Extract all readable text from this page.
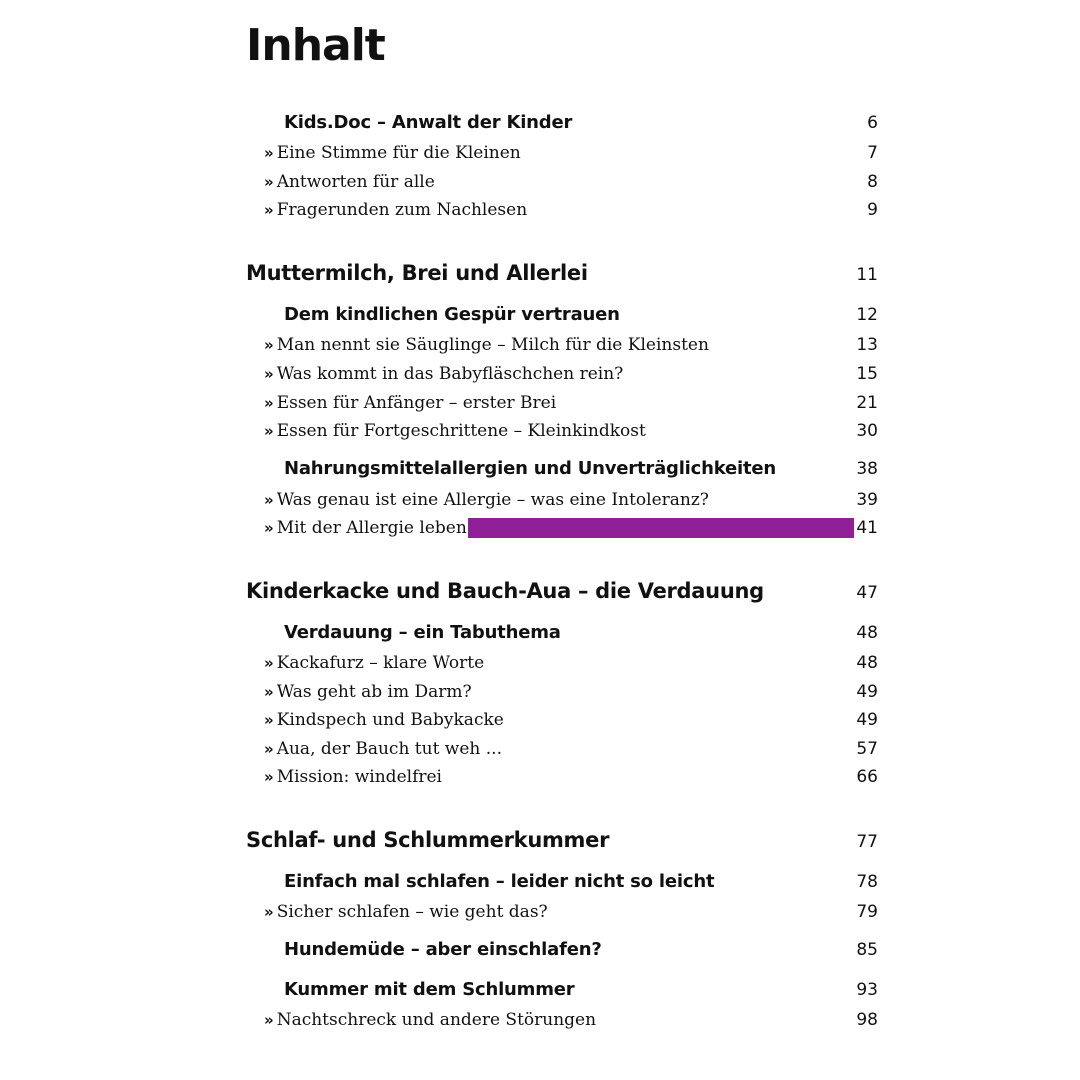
Inhalt
Kids.Doc – Anwalt der Kinder	6
» Eine Stimme für die Kleinen	7
» Antworten für alle	8
» Fragerunden zum Nachlesen	9
Muttermilch, Brei und Allerlei	11
Dem kindlichen Gespür vertrauen	12
» Man nennt sie Säuglinge – Milch für die Kleinsten	13
» Was kommt in das Babyfläschchen rein?	15
» Essen für Anfänger – erster Brei	21
» Essen für Fortgeschrittene – Kleinkindkost	30
Nahrungsmittelallergien und Unverträglichkeiten	38
» Was genau ist eine Allergie – was eine Intoleranz?	39
» Mit der Allergie leben	41
Kinderkacke und Bauch-Aua – die Verdauung	47
Verdauung – ein Tabuthema	48
» Kackafurz – klare Worte	48
» Was geht ab im Darm?	49
» Kindspech und Babykacke	49
» Aua, der Bauch tut weh ...	57
» Mission: windelfrei	66
Schlaf- und Schlummerkummer	77
Einfach mal schlafen – leider nicht so leicht	78
» Sicher schlafen – wie geht das?	79
Hundemüde – aber einschlafen?	85
Kummer mit dem Schlummer	93
» Nachtschreck und andere Störungen	98
